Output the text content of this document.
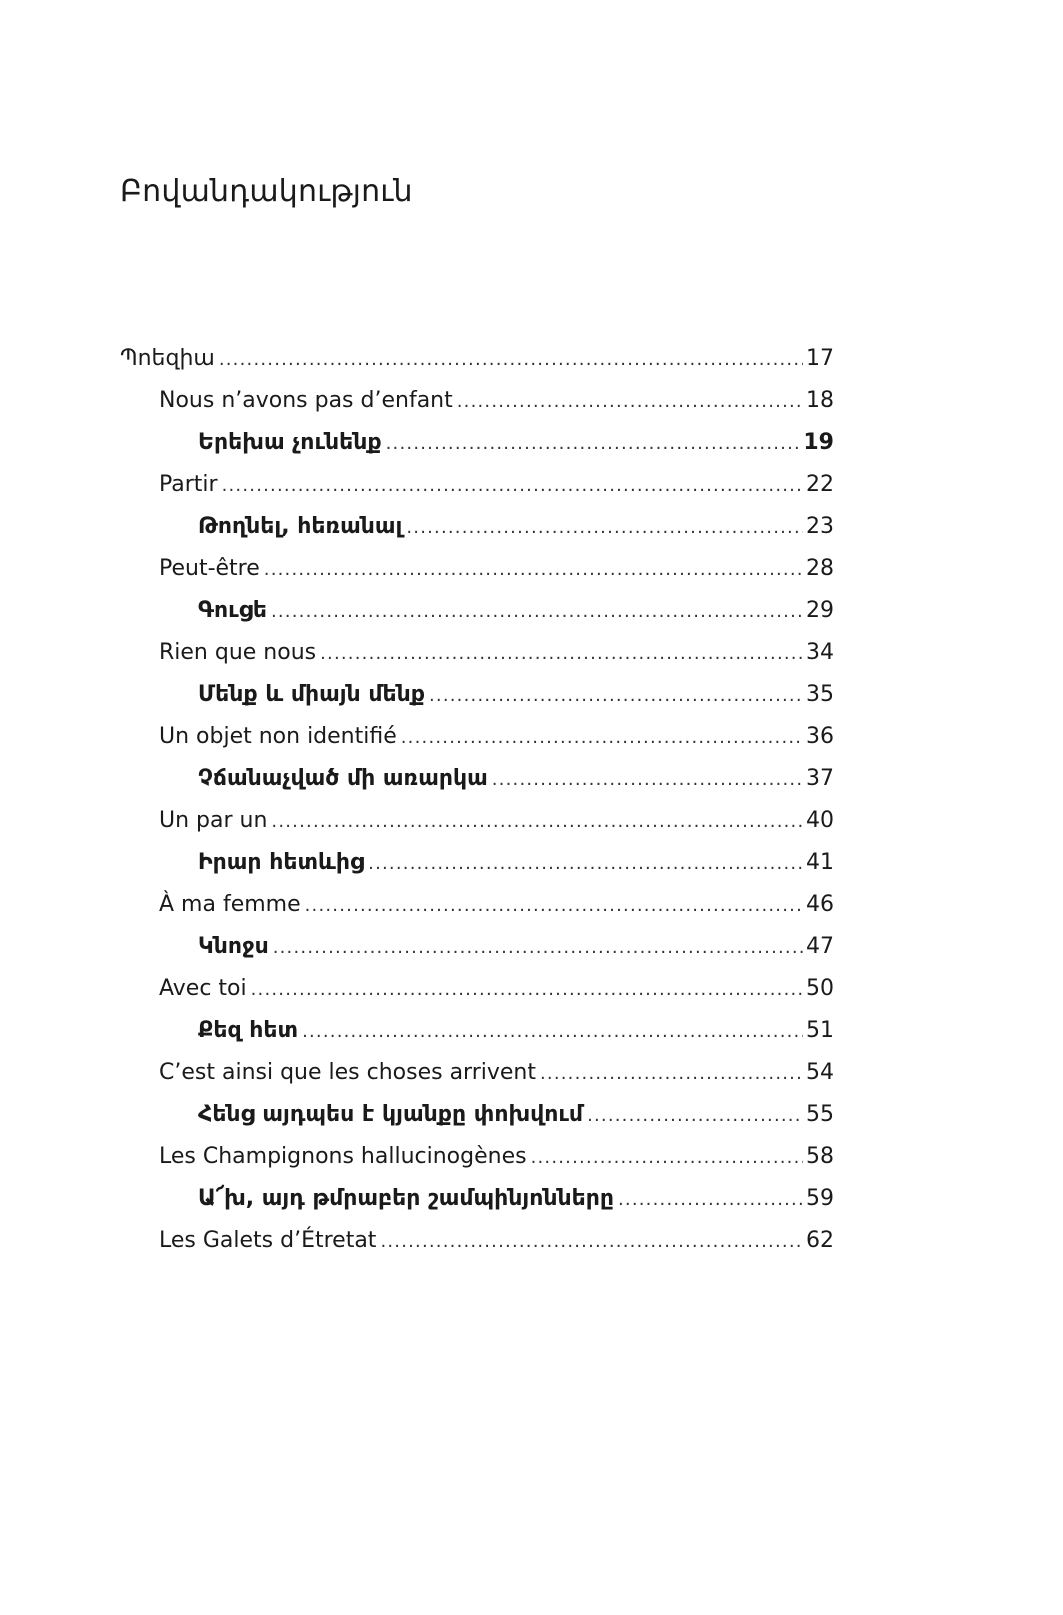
Բովանդակություն
Պոեզիա .....	17
Nous n’avons pas d’enfant .....	18
Երեխա չունենք .....	19
Partir .....	22
Թողնել, հեռանալ .....	23
Peut-être .....	28
Գուցե .....	29
Rien que nous .....	34
Մենք և միայն մենք .....	35
Un objet non identifié .....	36
Չճանաչված մի առարկա .....	37
Un par un .....	40
Իրար հետևից .....	41
À ma femme .....	46
Կնոջս .....	47
Avec toi .....	50
Քեզ հետ .....	51
C’est ainsi que les choses arrivent .....	54
Հենց այդպես է կյանքը փոխվում .....	55
Les Champignons hallucinogènes .....	58
Ա՜խ, այդ թմրաբեր շամպինյոնները .....	59
Les Galets d’Étretat .....	62
